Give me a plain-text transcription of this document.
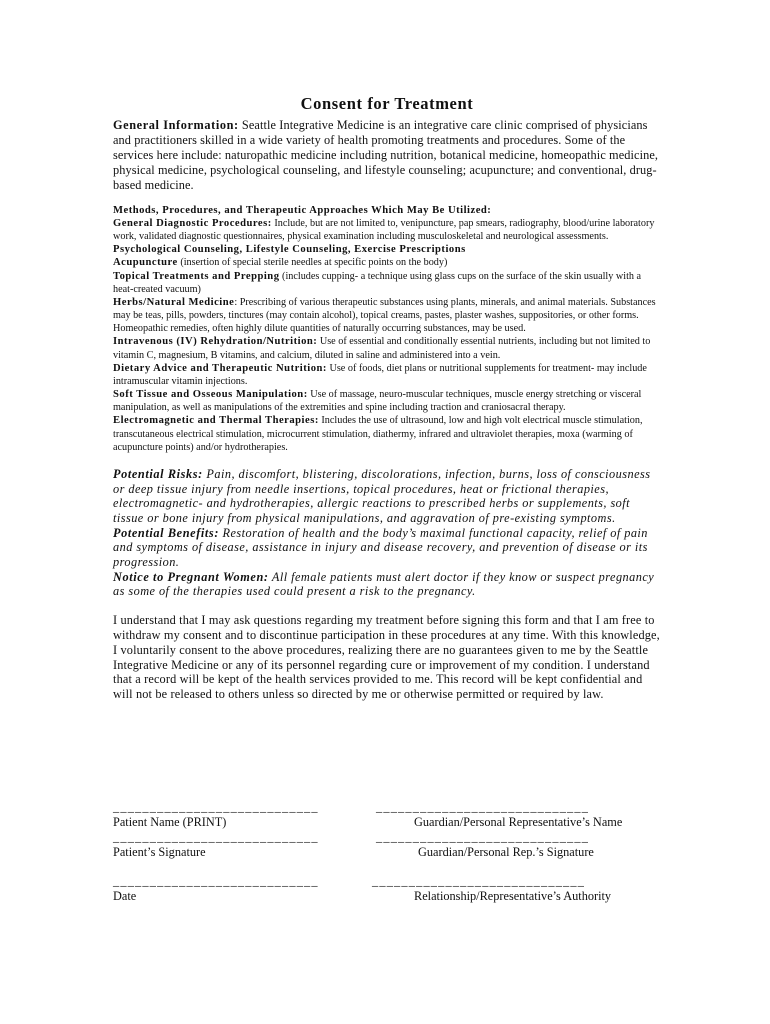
Consent for Treatment

General Information: Seattle Integrative Medicine is an integrative care clinic comprised of physicians and practitioners skilled in a wide variety of health promoting treatments and procedures. Some of the services here include: naturopathic medicine including nutrition, botanical medicine, homeopathic medicine, physical medicine, psychological counseling, and lifestyle counseling; acupuncture; and conventional, drug-based medicine.

Methods, Procedures, and Therapeutic Approaches Which May Be Utilized:

General Diagnostic Procedures: Include, but are not limited to, venipuncture, pap smears, radiography, blood/urine laboratory work, validated diagnostic questionnaires, physical examination including musculoskeletal and neurological assessments.

Psychological Counseling, Lifestyle Counseling, Exercise Prescriptions

Acupuncture (insertion of special sterile needles at specific points on the body)

Topical Treatments and Prepping (includes cupping- a technique using glass cups on the surface of the skin usually with a heat-created vacuum)

Herbs/Natural Medicine: Prescribing of various therapeutic substances using plants, minerals, and animal materials. Substances may be teas, pills, powders, tinctures (may contain alcohol), topical creams, pastes, plaster washes, suppositories, or other forms. Homeopathic remedies, often highly dilute quantities of naturally occurring substances, may be used.

Intravenous (IV) Rehydration/Nutrition: Use of essential and conditionally essential nutrients, including but not limited to vitamin C, magnesium, B vitamins, and calcium, diluted in saline and administered into a vein.

Dietary Advice and Therapeutic Nutrition: Use of foods, diet plans or nutritional supplements for treatment- may include intramuscular vitamin injections.

Soft Tissue and Osseous Manipulation: Use of massage, neuro-muscular techniques, muscle energy stretching or visceral manipulation, as well as manipulations of the extremities and spine including traction and craniosacral therapy.

Electromagnetic and Thermal Therapies: Includes the use of ultrasound, low and high volt electrical muscle stimulation, transcutaneous electrical stimulation, microcurrent stimulation, diathermy, infrared and ultraviolet therapies, moxa (warming of acupuncture points) and/or hydrotherapies.

Potential Risks: Pain, discomfort, blistering, discolorations, infection, burns, loss of consciousness or deep tissue injury from needle insertions, topical procedures, heat or frictional therapies, electromagnetic- and hydrotherapies, allergic reactions to prescribed herbs or supplements, soft tissue or bone injury from physical manipulations, and aggravation of pre-existing symptoms.

Potential Benefits: Restoration of health and the body’s maximal functional capacity, relief of pain and symptoms of disease, assistance in injury and disease recovery, and prevention of disease or its progression.

Notice to Pregnant Women: All female patients must alert doctor if they know or suspect pregnancy as some of the therapies used could present a risk to the pregnancy.

I understand that I may ask questions regarding my treatment before signing this form and that I am free to withdraw my consent and to discontinue participation in these procedures at any time. With this knowledge, I voluntarily consent to the above procedures, realizing there are no guarantees given to me by the Seattle Integrative Medicine or any of its personnel regarding cure or improvement of my condition. I understand that a record will be kept of the health services provided to me. This record will be kept confidential and will not be released to others unless so directed by me or otherwise permitted or required by law.

____________________________	_____________________________
Patient Name (PRINT)	Guardian/Personal Representative’s Name
____________________________	_____________________________
Patient’s Signature	Guardian/Personal Rep.’s Signature
____________________________	_____________________________
Date	Relationship/Representative’s Authority
